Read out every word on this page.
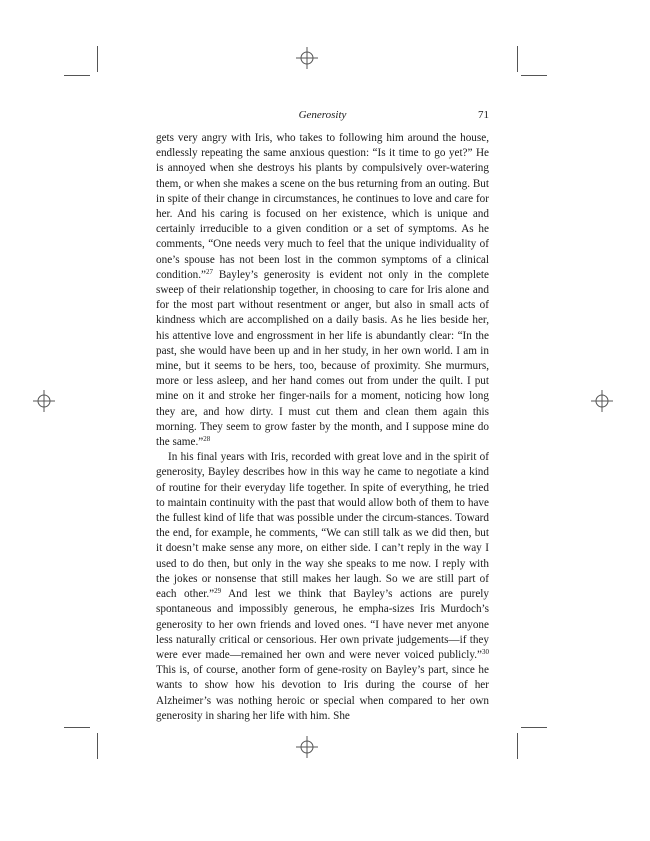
Generosity	71

gets very angry with Iris, who takes to following him around the house, endlessly repeating the same anxious question: “Is it time to go yet?” He is annoyed when she destroys his plants by compulsively over-watering them, or when she makes a scene on the bus returning from an outing. But in spite of their change in circumstances, he continues to love and care for her. And his caring is focused on her existence, which is unique and certainly irreducible to a given condition or a set of symptoms. As he comments, “One needs very much to feel that the unique individuality of one’s spouse has not been lost in the common symptoms of a clinical condition.”$^{27}$ Bayley’s generosity is evident not only in the complete sweep of their relationship together, in choosing to care for Iris alone and for the most part without resentment or anger, but also in small acts of kindness which are accomplished on a daily basis. As he lies beside her, his attentive love and engrossment in her life is abundantly clear: “In the past, she would have been up and in her study, in her own world. I am in mine, but it seems to be hers, too, because of proximity. She murmurs, more or less asleep, and her hand comes out from under the quilt. I put mine on it and stroke her finger-nails for a moment, noticing how long they are, and how dirty. I must cut them and clean them again this morning. They seem to grow faster by the month, and I suppose mine do the same.”$^{28}$

In his final years with Iris, recorded with great love and in the spirit of generosity, Bayley describes how in this way he came to negotiate a kind of routine for their everyday life together. In spite of everything, he tried to maintain continuity with the past that would allow both of them to have the fullest kind of life that was possible under the circum-stances. Toward the end, for example, he comments, “We can still talk as we did then, but it doesn’t make sense any more, on either side. I can’t reply in the way I used to do then, but only in the way she speaks to me now. I reply with the jokes or nonsense that still makes her laugh. So we are still part of each other.”$^{29}$ And lest we think that Bayley’s actions are purely spontaneous and impossibly generous, he empha-sizes Iris Murdoch’s generosity to her own friends and loved ones. “I have never met anyone less naturally critical or censorious. Her own private judgements—if they were ever made—remained her own and were never voiced publicly.”$^{30}$ This is, of course, another form of gene-rosity on Bayley’s part, since he wants to show how his devotion to Iris during the course of her Alzheimer’s was nothing heroic or special when compared to her own generosity in sharing her life with him. She
